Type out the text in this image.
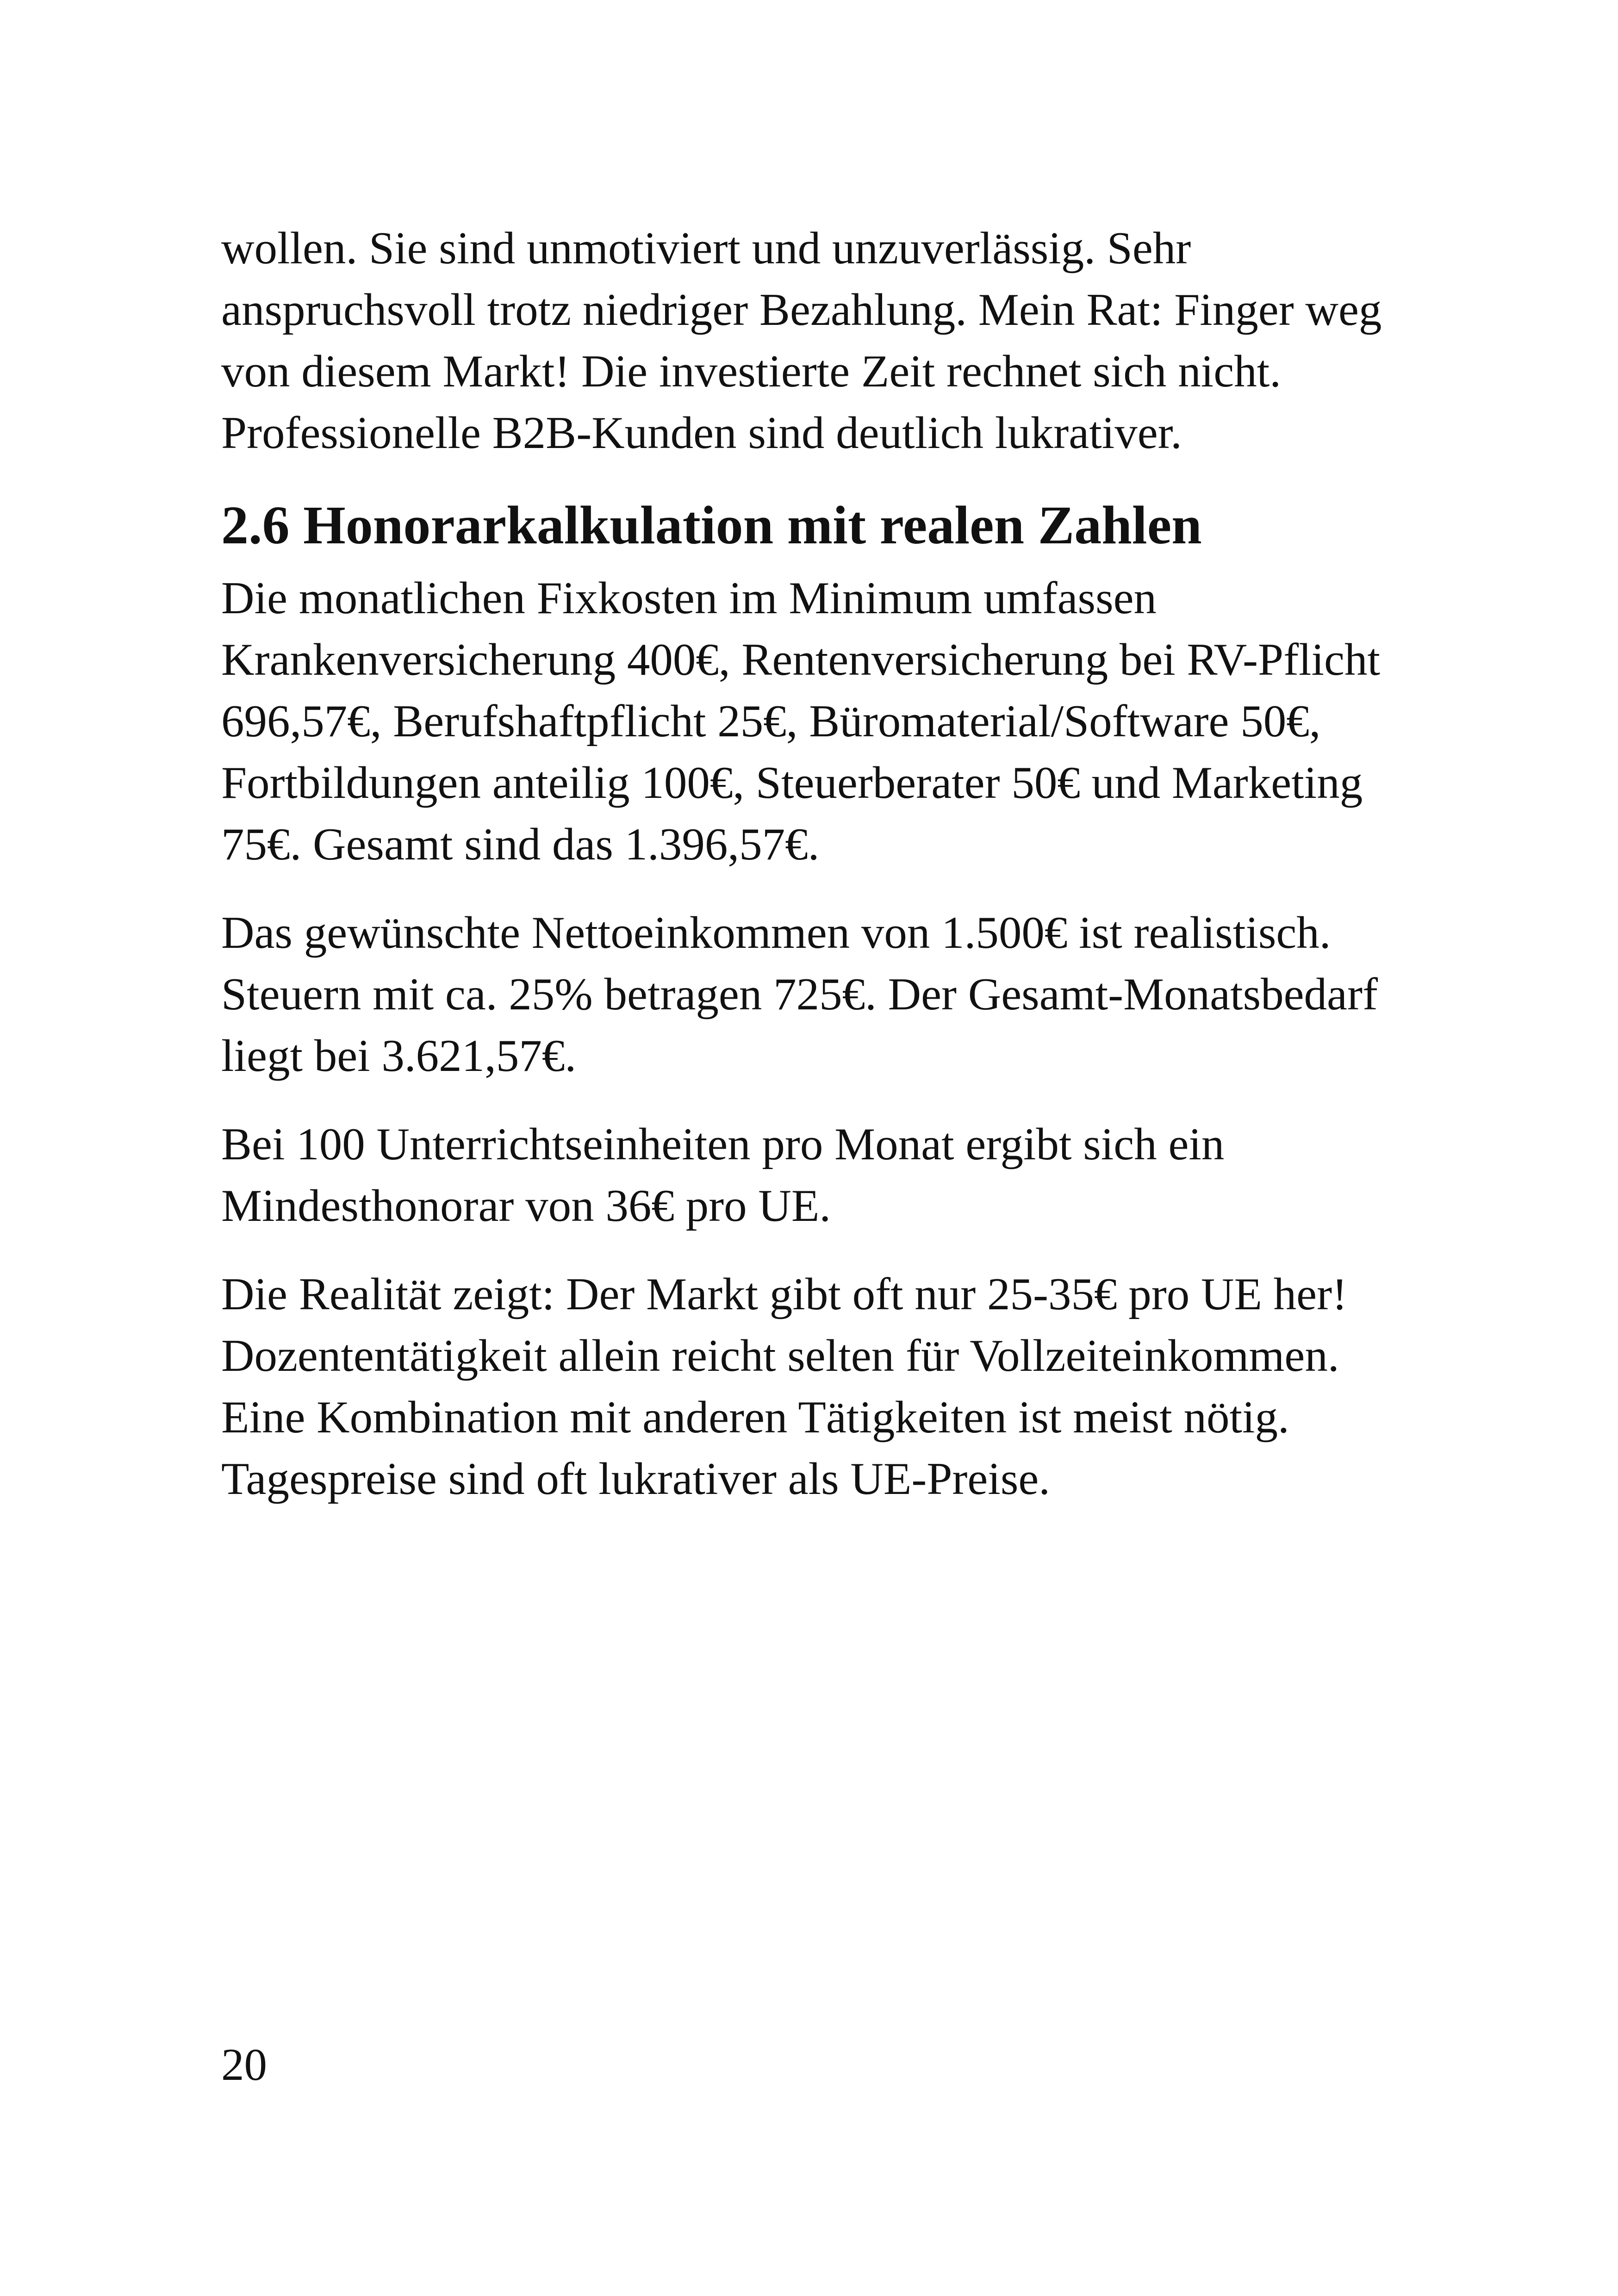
wollen. Sie sind unmotiviert und unzuverlässig. Sehr
anspruchsvoll trotz niedriger Bezahlung. Mein Rat: Finger weg
von diesem Markt! Die investierte Zeit rechnet sich nicht.
Professionelle B2B-Kunden sind deutlich lukrativer.

2.6 Honorarkalkulation mit realen Zahlen

Die monatlichen Fixkosten im Minimum umfassen
Krankenversicherung 400€, Rentenversicherung bei RV-Pflicht
696,57€, Berufshaftpflicht 25€, Büromaterial/Software 50€,
Fortbildungen anteilig 100€, Steuerberater 50€ und Marketing
75€. Gesamt sind das 1.396,57€.

Das gewünschte Nettoeinkommen von 1.500€ ist realistisch.
Steuern mit ca. 25% betragen 725€. Der Gesamt-Monatsbedarf
liegt bei 3.621,57€.

Bei 100 Unterrichtseinheiten pro Monat ergibt sich ein
Mindesthonorar von 36€ pro UE.

Die Realität zeigt: Der Markt gibt oft nur 25-35€ pro UE her!
Dozententätigkeit allein reicht selten für Vollzeiteinkommen.
Eine Kombination mit anderen Tätigkeiten ist meist nötig.
Tagespreise sind oft lukrativer als UE-Preise.

20
